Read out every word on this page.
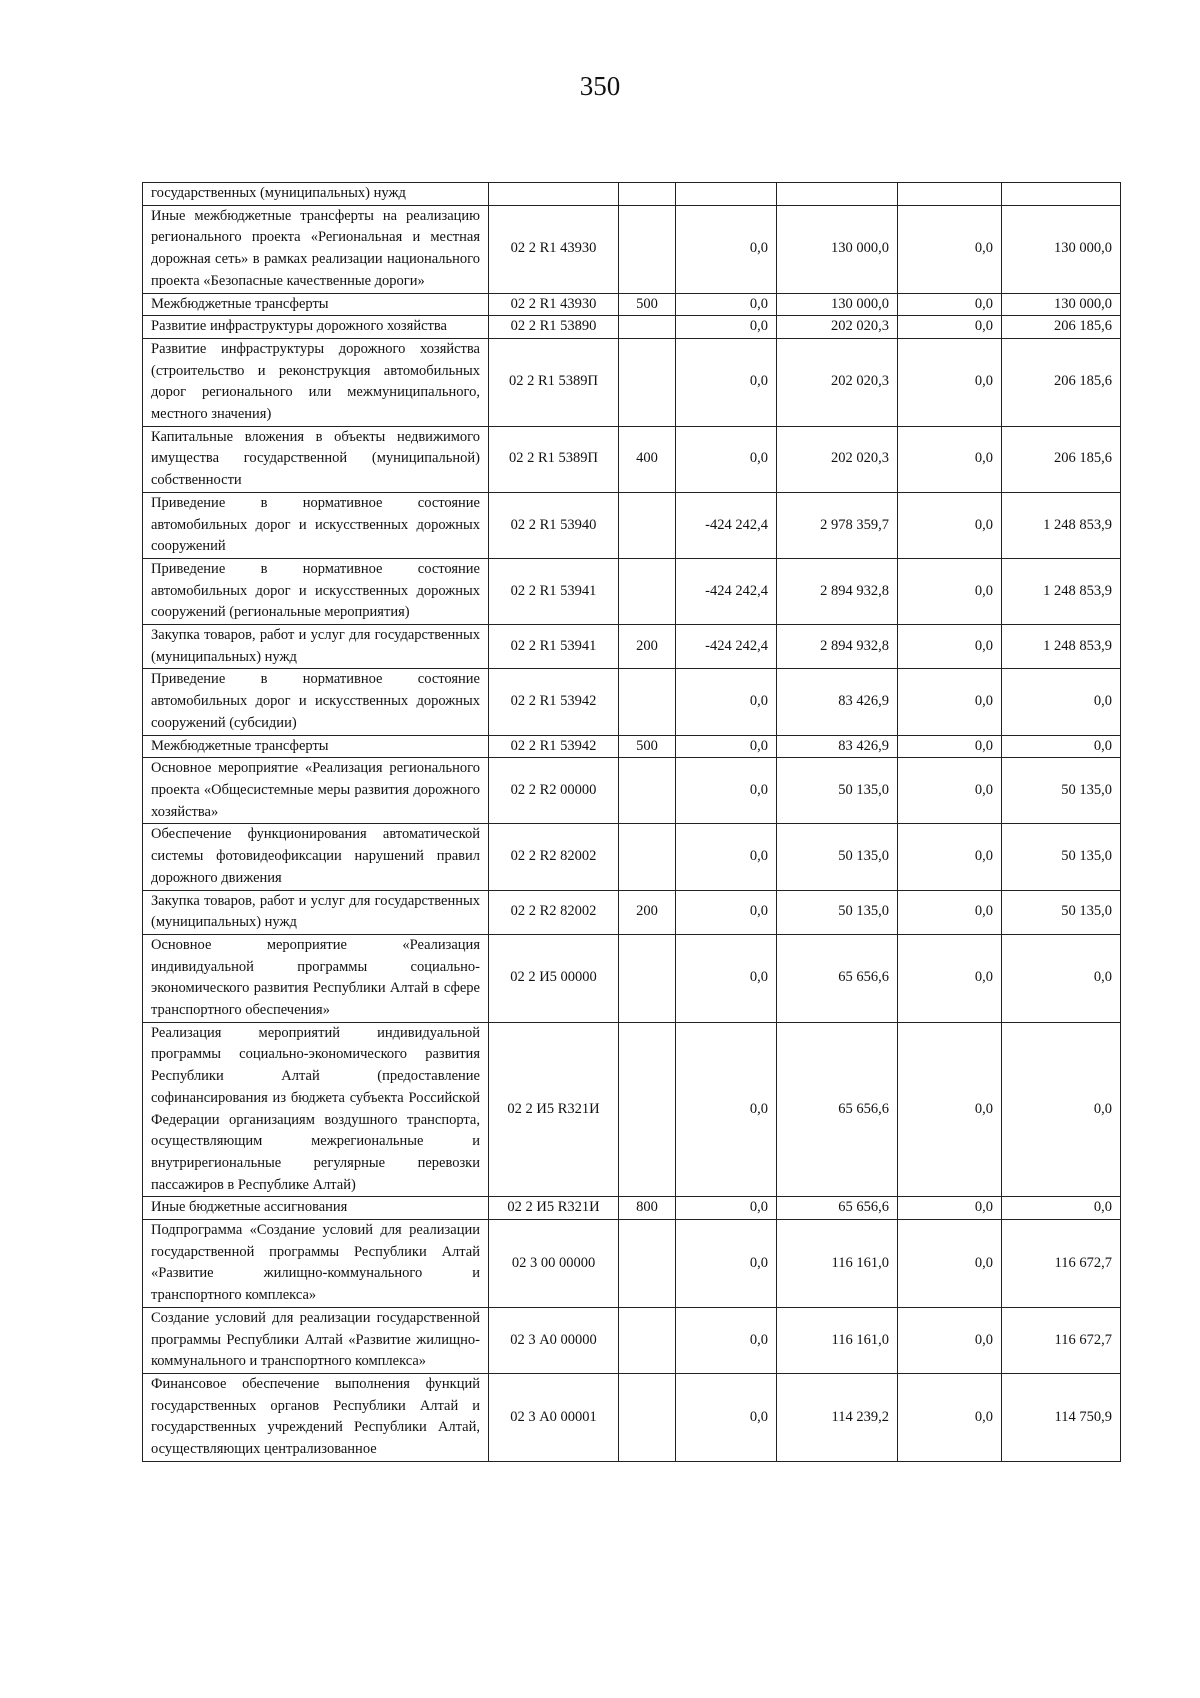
350
государственных (муниципальных) нужд						
Иные межбюджетные трансферты на реализацию регионального проекта «Региональная и местная дорожная сеть» в рамках реализации национального проекта «Безопасные качественные дороги»	02 2 R1 43930		0,0	130 000,0	0,0	130 000,0
Межбюджетные трансферты	02 2 R1 43930	500	0,0	130 000,0	0,0	130 000,0
Развитие инфраструктуры дорожного хозяйства	02 2 R1 53890		0,0	202 020,3	0,0	206 185,6
Развитие инфраструктуры дорожного хозяйства (строительство и реконструкция автомобильных дорог регионального или межмуниципального, местного значения)	02 2 R1 5389П		0,0	202 020,3	0,0	206 185,6
Капитальные вложения в объекты недвижимого имущества государственной (муниципальной) собственности	02 2 R1 5389П	400	0,0	202 020,3	0,0	206 185,6
Приведение в нормативное состояние автомобильных дорог и искусственных дорожных сооружений	02 2 R1 53940		-424 242,4	2 978 359,7	0,0	1 248 853,9
Приведение в нормативное состояние автомобильных дорог и искусственных дорожных сооружений (региональные мероприятия)	02 2 R1 53941		-424 242,4	2 894 932,8	0,0	1 248 853,9
Закупка товаров, работ и услуг для государственных (муниципальных) нужд	02 2 R1 53941	200	-424 242,4	2 894 932,8	0,0	1 248 853,9
Приведение в нормативное состояние автомобильных дорог и искусственных дорожных сооружений (субсидии)	02 2 R1 53942		0,0	83 426,9	0,0	0,0
Межбюджетные трансферты	02 2 R1 53942	500	0,0	83 426,9	0,0	0,0
Основное мероприятие «Реализация регионального проекта «Общесистемные меры развития дорожного хозяйства»	02 2 R2 00000		0,0	50 135,0	0,0	50 135,0
Обеспечение функционирования автоматической системы фотовидеофиксации нарушений правил дорожного движения	02 2 R2 82002		0,0	50 135,0	0,0	50 135,0
Закупка товаров, работ и услуг для государственных (муниципальных) нужд	02 2 R2 82002	200	0,0	50 135,0	0,0	50 135,0
Основное мероприятие «Реализация индивидуальной программы социально-экономического развития Республики Алтай в сфере транспортного обеспечения»	02 2 И5 00000		0,0	65 656,6	0,0	0,0
Реализация мероприятий индивидуальной программы социально-экономического развития Республики Алтай (предоставление софинансирования из бюджета субъекта Российской Федерации организациям воздушного транспорта, осуществляющим межрегиональные и внутрирегиональные регулярные перевозки пассажиров в Республике Алтай)	02 2 И5 R321И		0,0	65 656,6	0,0	0,0
Иные бюджетные ассигнования	02 2 И5 R321И	800	0,0	65 656,6	0,0	0,0
Подпрограмма «Создание условий для реализации государственной программы Республики Алтай «Развитие жилищно-коммунального и транспортного комплекса»	02 3 00 00000		0,0	116 161,0	0,0	116 672,7
Создание условий для реализации государственной программы Республики Алтай «Развитие жилищно-коммунального и транспортного комплекса»	02 3 А0 00000		0,0	116 161,0	0,0	116 672,7
Финансовое обеспечение выполнения функций государственных органов Республики Алтай и государственных учреждений Республики Алтай, осуществляющих централизованное	02 3 А0 00001		0,0	114 239,2	0,0	114 750,9
